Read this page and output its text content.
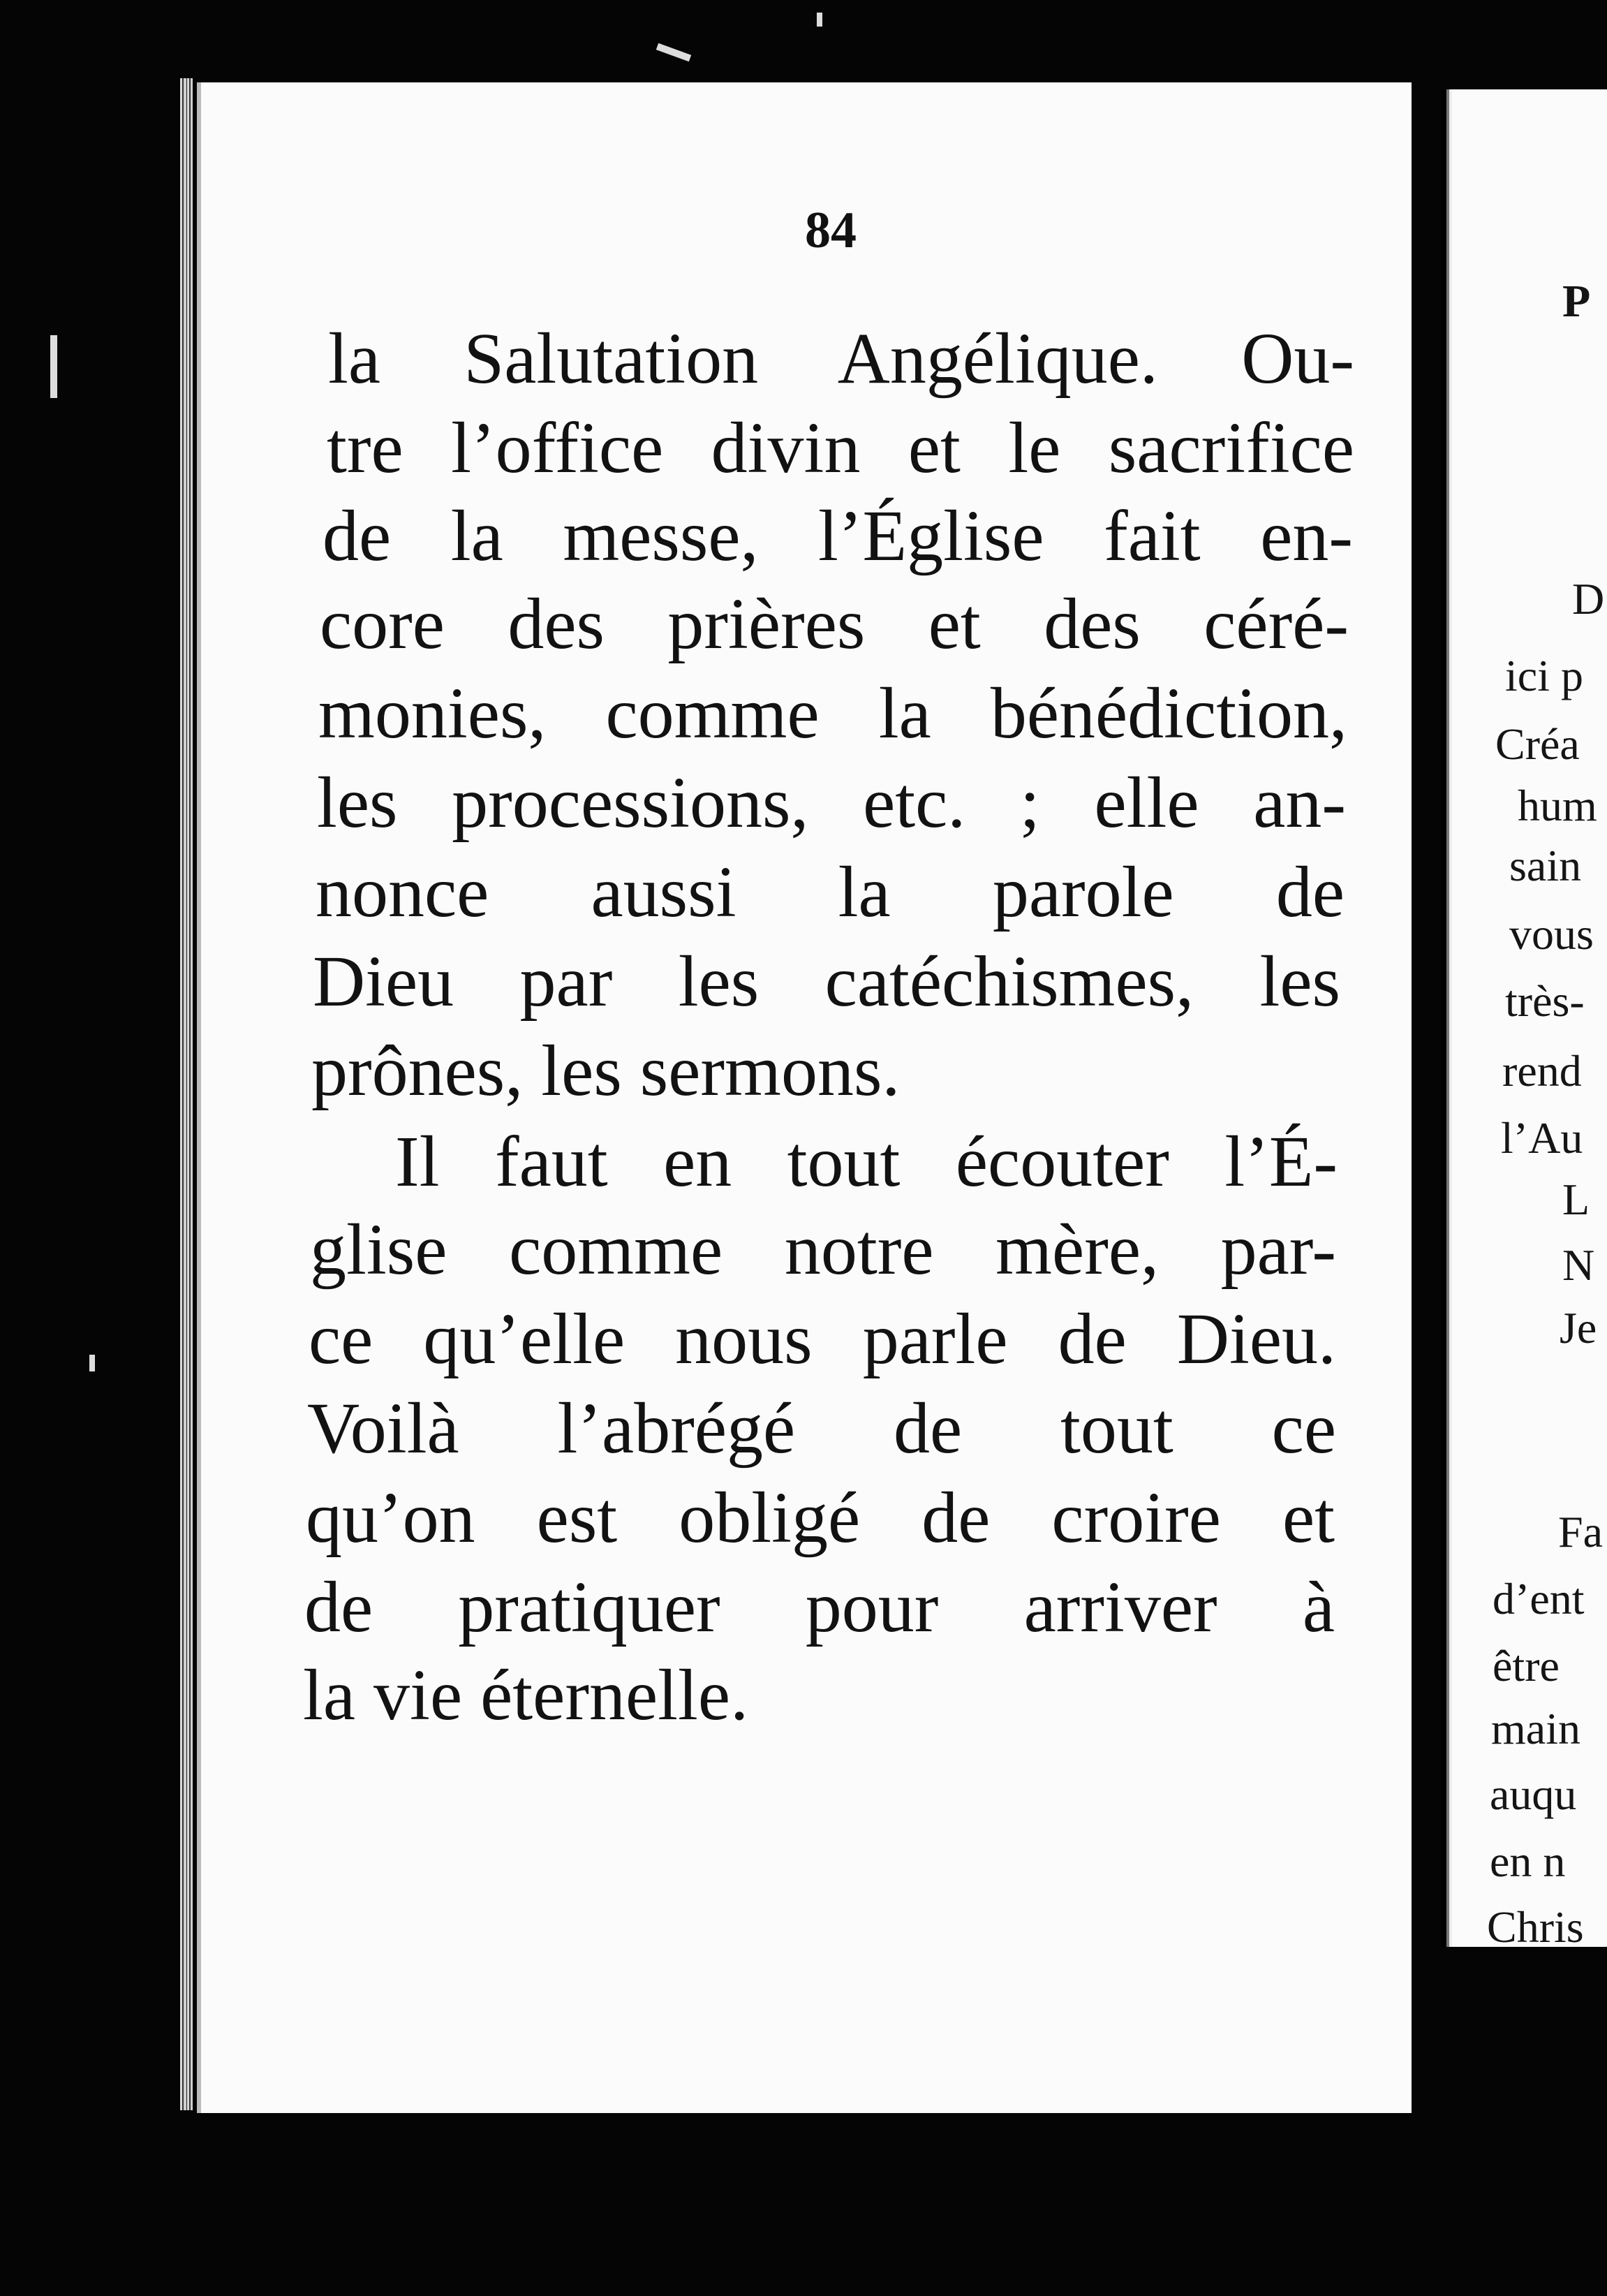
84
la Salutation Angélique. Ou-
tre l’office divin et le sacrifice
de la messe, l’Église fait en-
core des prières et des céré-
monies, comme la bénédiction,
les processions, etc. ; elle an-
nonce aussi la parole de
Dieu par les catéchismes, les
prônes, les sermons.
Il faut en tout écouter l’É-
glise comme notre mère, par-
ce qu’elle nous parle de Dieu.
Voilà l’abrégé de tout ce
qu’on est obligé de croire et
de pratiquer pour arriver à
la vie éternelle.
P
D
ici p
Créa
hum
sain
vous
très-
rend
l’Au
L
N
Je
Fa
d’ent
être
main
auqu
en n
Chris
